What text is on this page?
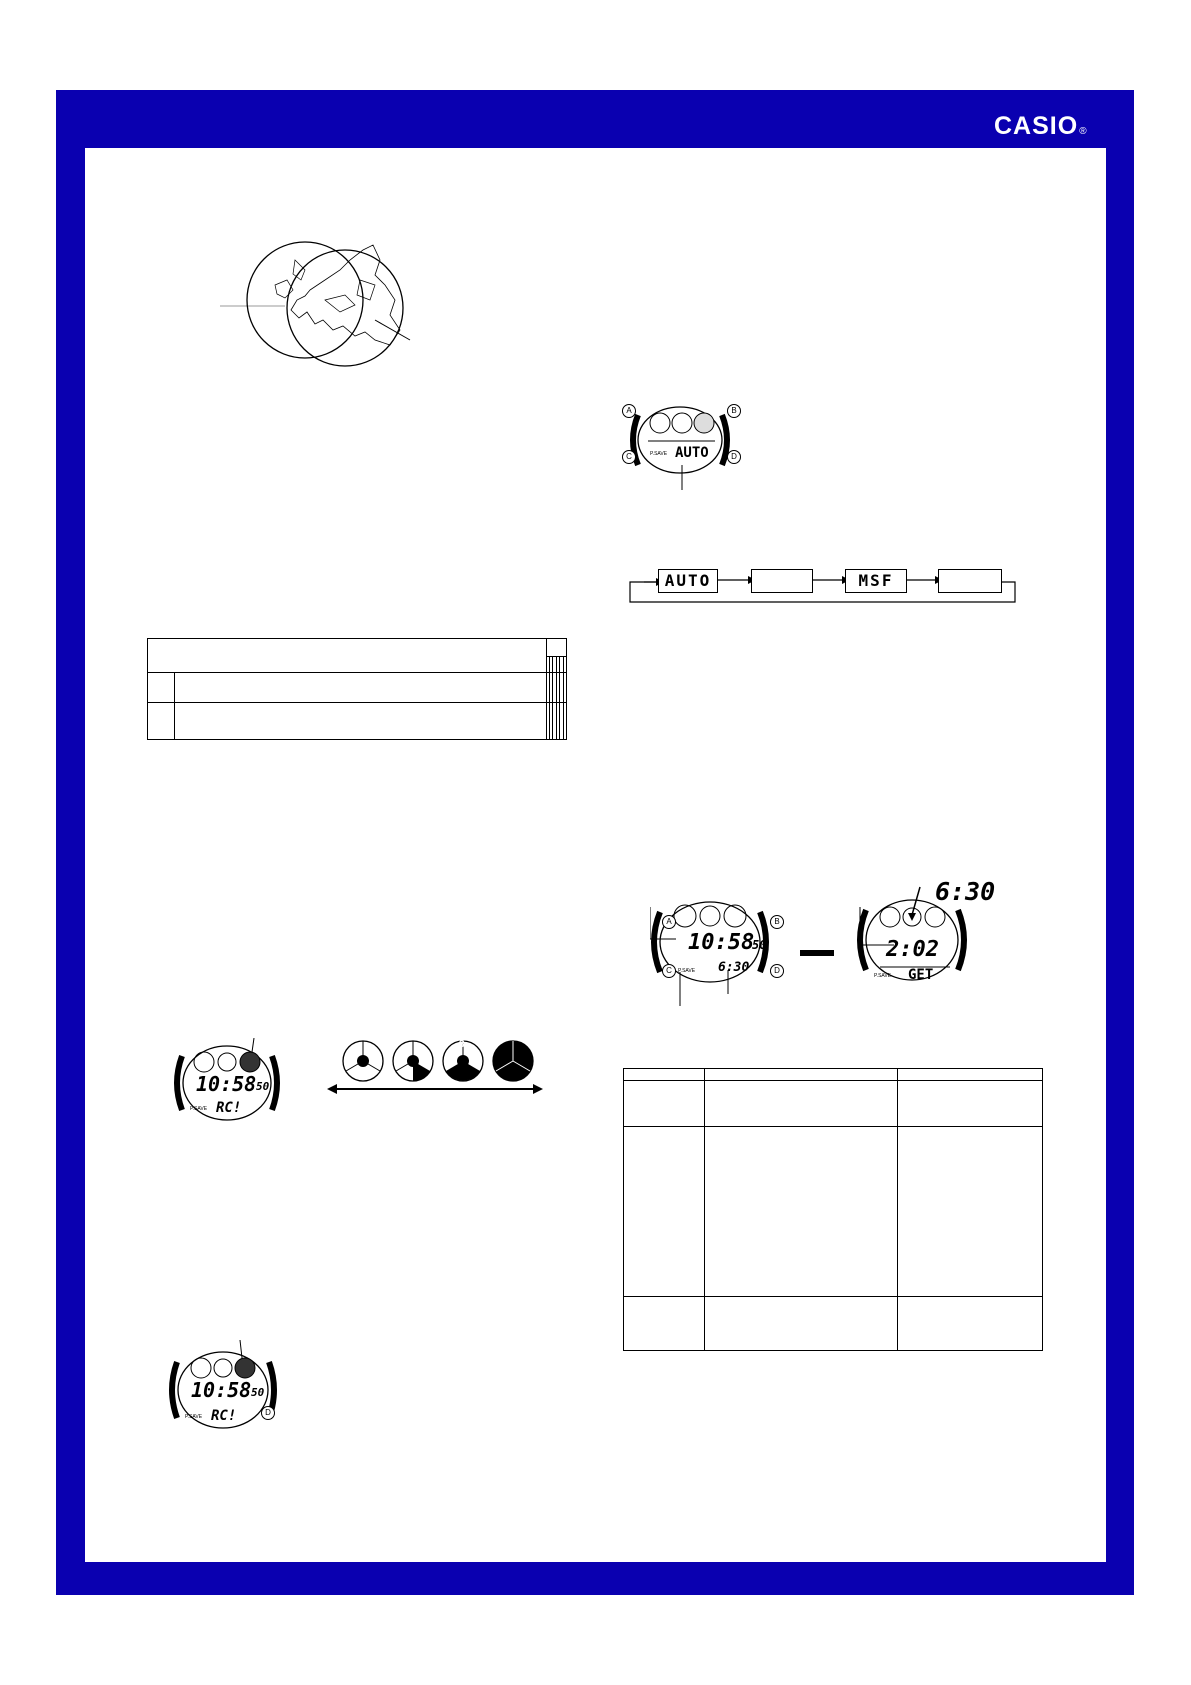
CASIO®

P.SAVE AUTO
A	B
C	D
AUTO	MSF
10:58
50
P.SAVE 6:30
A	B
C	D
2:02
P.SAVE GET
6:30

10:58 50
P.SAVE RC!
3
10:58 50
P.SAVE RC!	D
